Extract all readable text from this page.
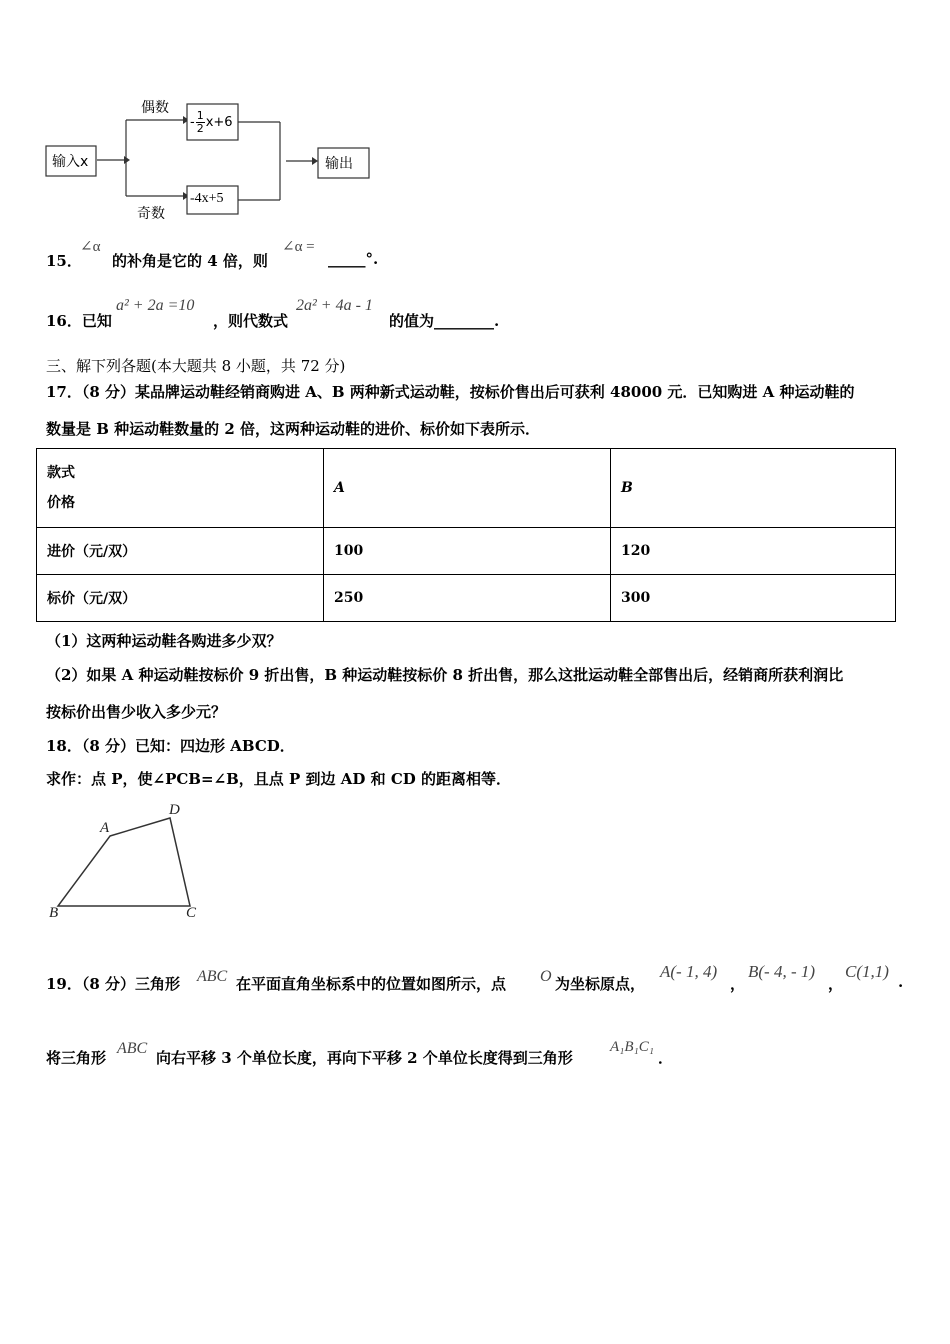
输入x
偶数
奇数
- $\frac{1}{2} x+6$
-4x+5
输出
15．
∠α
的补角是它的 4 倍，则
∠α =
_____°.
16．已知
a² + 2a =10
，则代数式
2a² + 4a - 1
的值为________.
三、解下列各题(本大题共 8 小题，共 72 分)
17．（8 分）某品牌运动鞋经销商购进 A、B 两种新式运动鞋，按标价售出后可获利 48000 元．已知购进 A 种运动鞋的
数量是 B 种运动鞋数量的 2 倍，这两种运动鞋的进价、标价如下表所示．
款式
价格	A	B
进价（元/双）	100	120
标价（元/双）	250	300
（1）这两种运动鞋各购进多少双？
（2）如果 A 种运动鞋按标价 9 折出售，B 种运动鞋按标价 8 折出售，那么这批运动鞋全部售出后，经销商所获利润比
按标价出售少收入多少元？
18．（8 分）已知：四边形 ABCD．
求作：点 P，使∠PCB=∠B，且点 P 到边 AD 和 CD 的距离相等．
A
D
B	C
19．（8 分）三角形 ABC 在平面直角坐标系中的位置如图所示，点 O 为坐标原点，
A(- 1, 4)
，
B(- 4, - 1)
，
C(1,1)
.
将三角形
ABC
向右平移 3 个单位长度，再向下平移 2 个单位长度得到三角形
A₁B₁C₁
．
